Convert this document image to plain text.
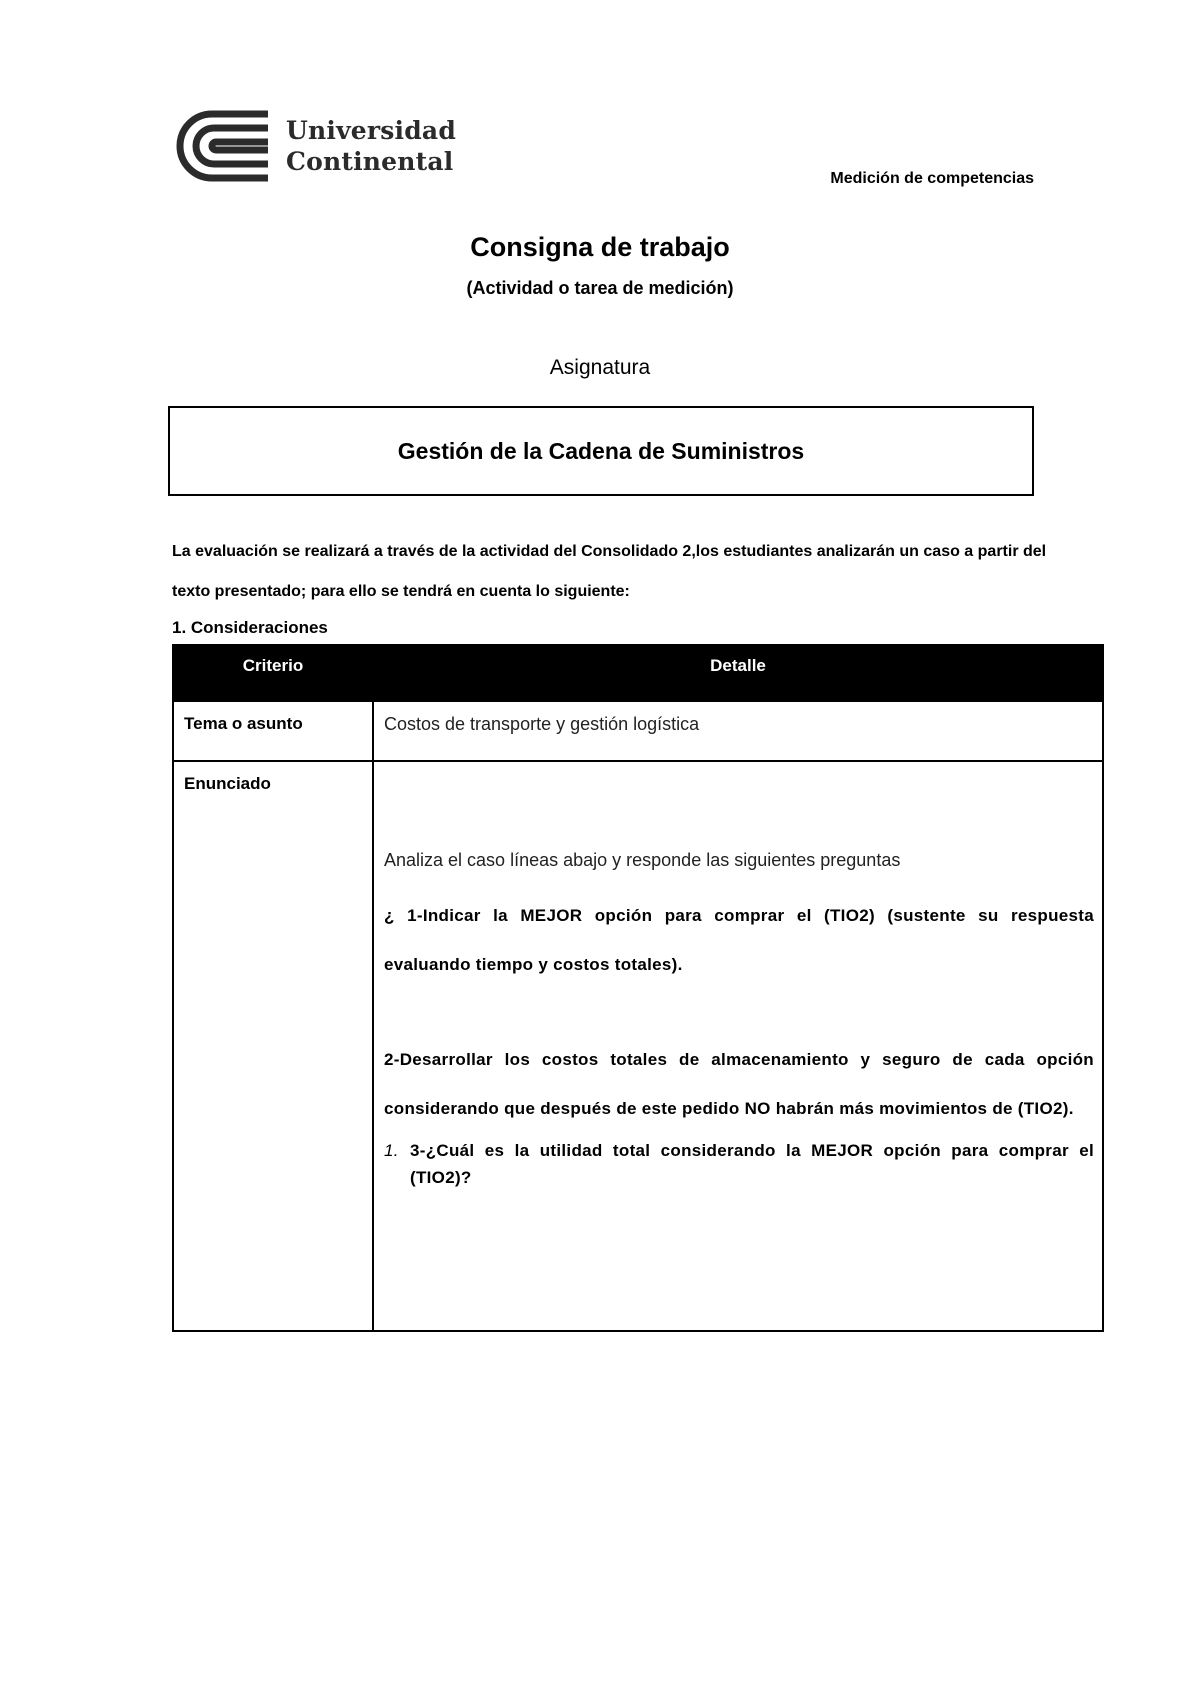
Universidad
Continental
Medición de competencias
Consigna de trabajo
(Actividad o tarea de medición)
Asignatura
Gestión de la Cadena de Suministros
La evaluación se realizará a través de la actividad del Consolidado 2,los estudiantes analizarán un caso a partir del texto presentado; para ello se tendrá en cuenta lo siguiente:
1. Consideraciones
Criterio	Detalle
Tema o asunto	Costos de transporte y gestión logística
Enunciado	Analiza el caso líneas abajo y responde las siguientes preguntas
¿ 1-Indicar la MEJOR opción para comprar el (TIO2) (sustente su respuesta evaluando tiempo y costos totales).
2-Desarrollar los costos totales de almacenamiento y seguro de cada opción considerando que después de este pedido NO habrán más movimientos de (TIO2).
1. 3-¿Cuál es la utilidad total considerando la MEJOR opción para comprar el (TIO2)?
